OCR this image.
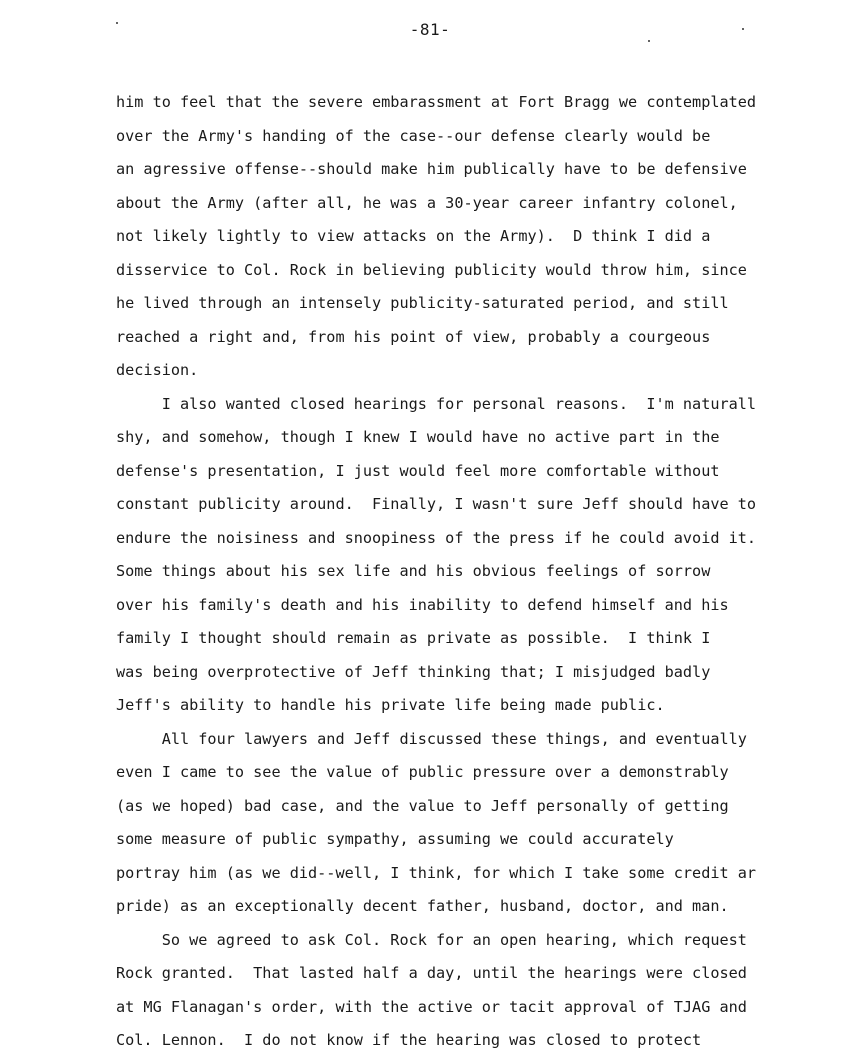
-81-
him to feel that the severe embarassment at Fort Bragg we contemplated
over the Army's handing of the case--our defense clearly would be
an agressive offense--should make him publically have to be defensive
about the Army (after all, he was a 30-year career infantry colonel,
not likely lightly to view attacks on the Army).  D think I did a
disservice to Col. Rock in believing publicity would throw him, since
he lived through an intensely publicity-saturated period, and still
reached a right and, from his point of view, probably a courgeous
decision.
I also wanted closed hearings for personal reasons.  I'm naturall
shy, and somehow, though I knew I would have no active part in the
defense's presentation, I just would feel more comfortable without
constant publicity around.  Finally, I wasn't sure Jeff should have to
endure the noisiness and snoopiness of the press if he could avoid it.
Some things about his sex life and his obvious feelings of sorrow
over his family's death and his inability to defend himself and his
family I thought should remain as private as possible.  I think I
was being overprotective of Jeff thinking that; I misjudged badly
Jeff's ability to handle his private life being made public.
All four lawyers and Jeff discussed these things, and eventually
even I came to see the value of public pressure over a demonstrably
(as we hoped) bad case, and the value to Jeff personally of getting
some measure of public sympathy, assuming we could accurately
portray him (as we did--well, I think, for which I take some credit ar
pride) as an exceptionally decent father, husband, doctor, and man.
So we agreed to ask Col. Rock for an open hearing, which request
Rock granted.  That lasted half a day, until the hearings were closed
at MG Flanagan's order, with the active or tacit approval of TJAG and
Col. Lennon.  I do not know if the hearing was closed to protect
